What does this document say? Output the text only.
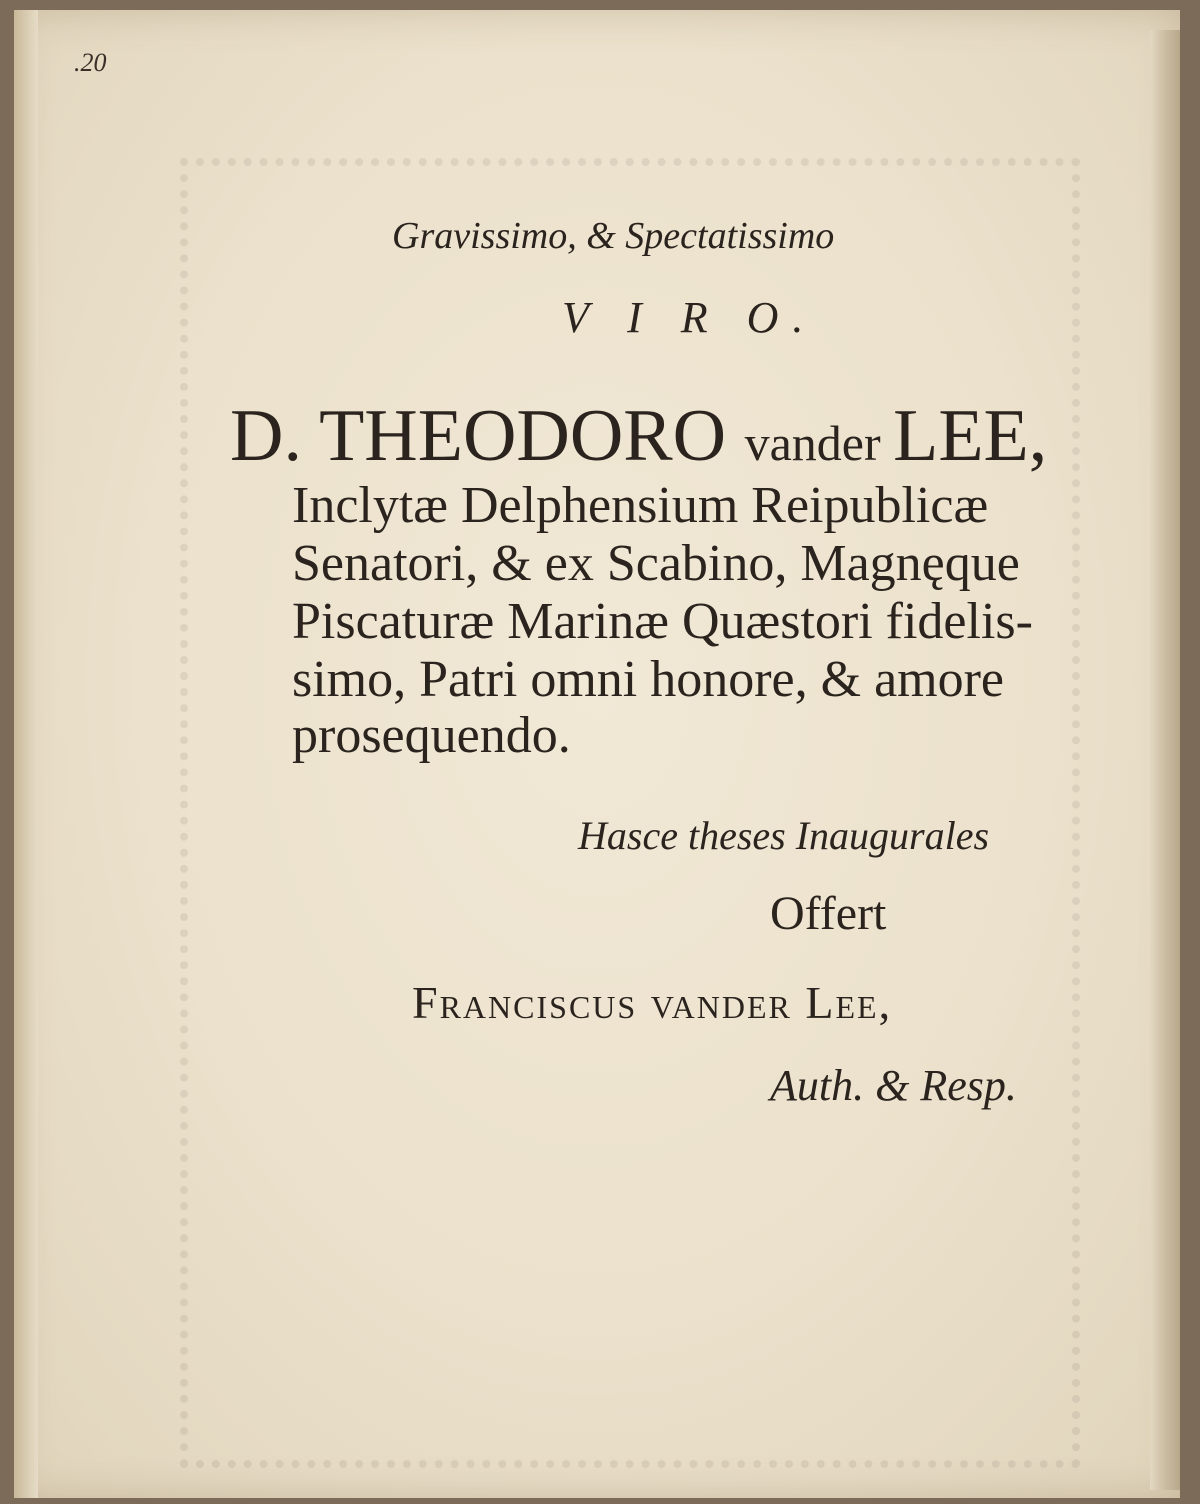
.20
Gravissimo, & Spectatissimo
V I R O.
D. THEODORO vander LEE,
Inclytæ Delphensium Reipublicæ
Senatori, & ex Scabino, Magnęque
Piscaturæ Marinæ Quæstori fidelis-
simo, Patri omni honore, & amore
prosequendo.
Hasce theses Inaugurales
Offert
Franciscus vander Lee,
Auth. & Resp.
